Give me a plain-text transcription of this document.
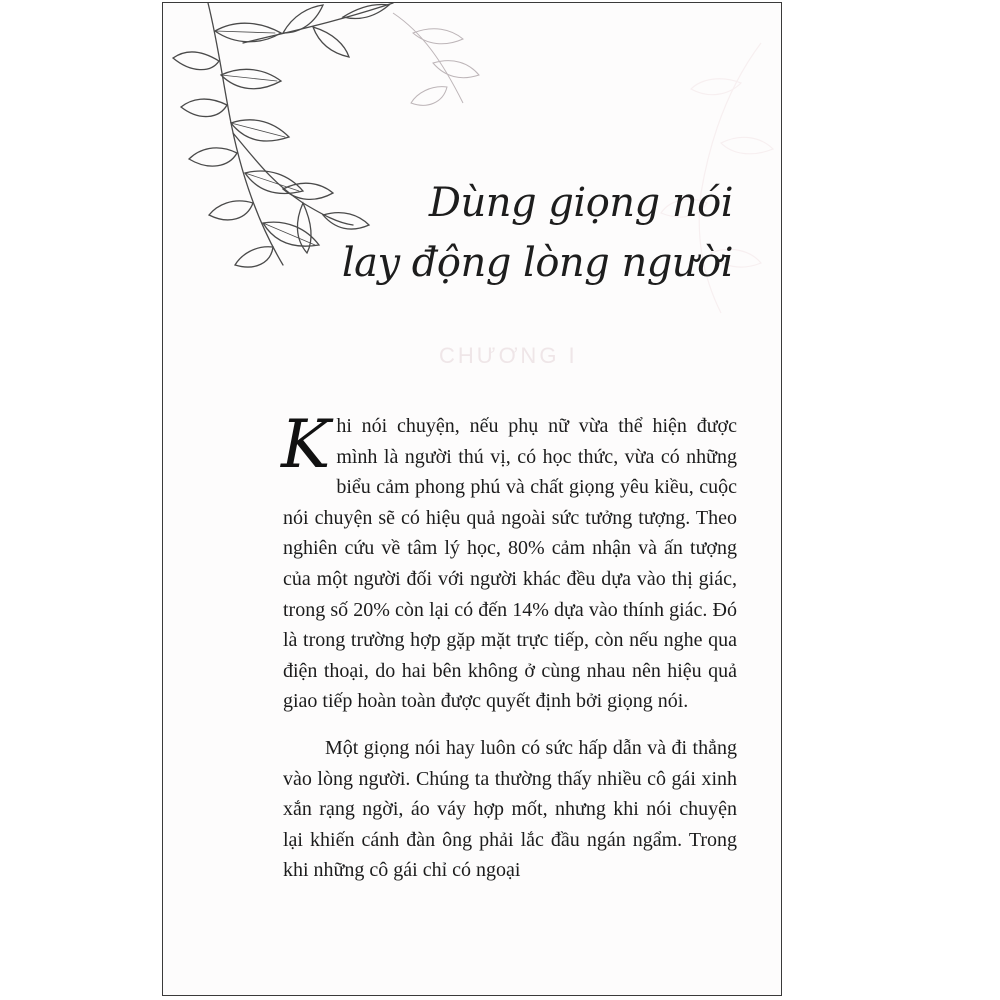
Dùng giọng nói
lay động lòng người
CHƯƠNG I

Khi nói chuyện, nếu phụ nữ vừa thể hiện được mình là người thú vị, có học thức, vừa có những biểu cảm phong phú và chất giọng yêu kiều, cuộc nói chuyện sẽ có hiệu quả ngoài sức tưởng tượng. Theo nghiên cứu về tâm lý học, 80% cảm nhận và ấn tượng của một người đối với người khác đều dựa vào thị giác, trong số 20% còn lại có đến 14% dựa vào thính giác. Đó là trong trường hợp gặp mặt trực tiếp, còn nếu nghe qua điện thoại, do hai bên không ở cùng nhau nên hiệu quả giao tiếp hoàn toàn được quyết định bởi giọng nói.

Một giọng nói hay luôn có sức hấp dẫn và đi thẳng vào lòng người. Chúng ta thường thấy nhiều cô gái xinh xắn rạng ngời, áo váy hợp mốt, nhưng khi nói chuyện lại khiến cánh đàn ông phải lắc đầu ngán ngẩm. Trong khi những cô gái chỉ có ngoại
